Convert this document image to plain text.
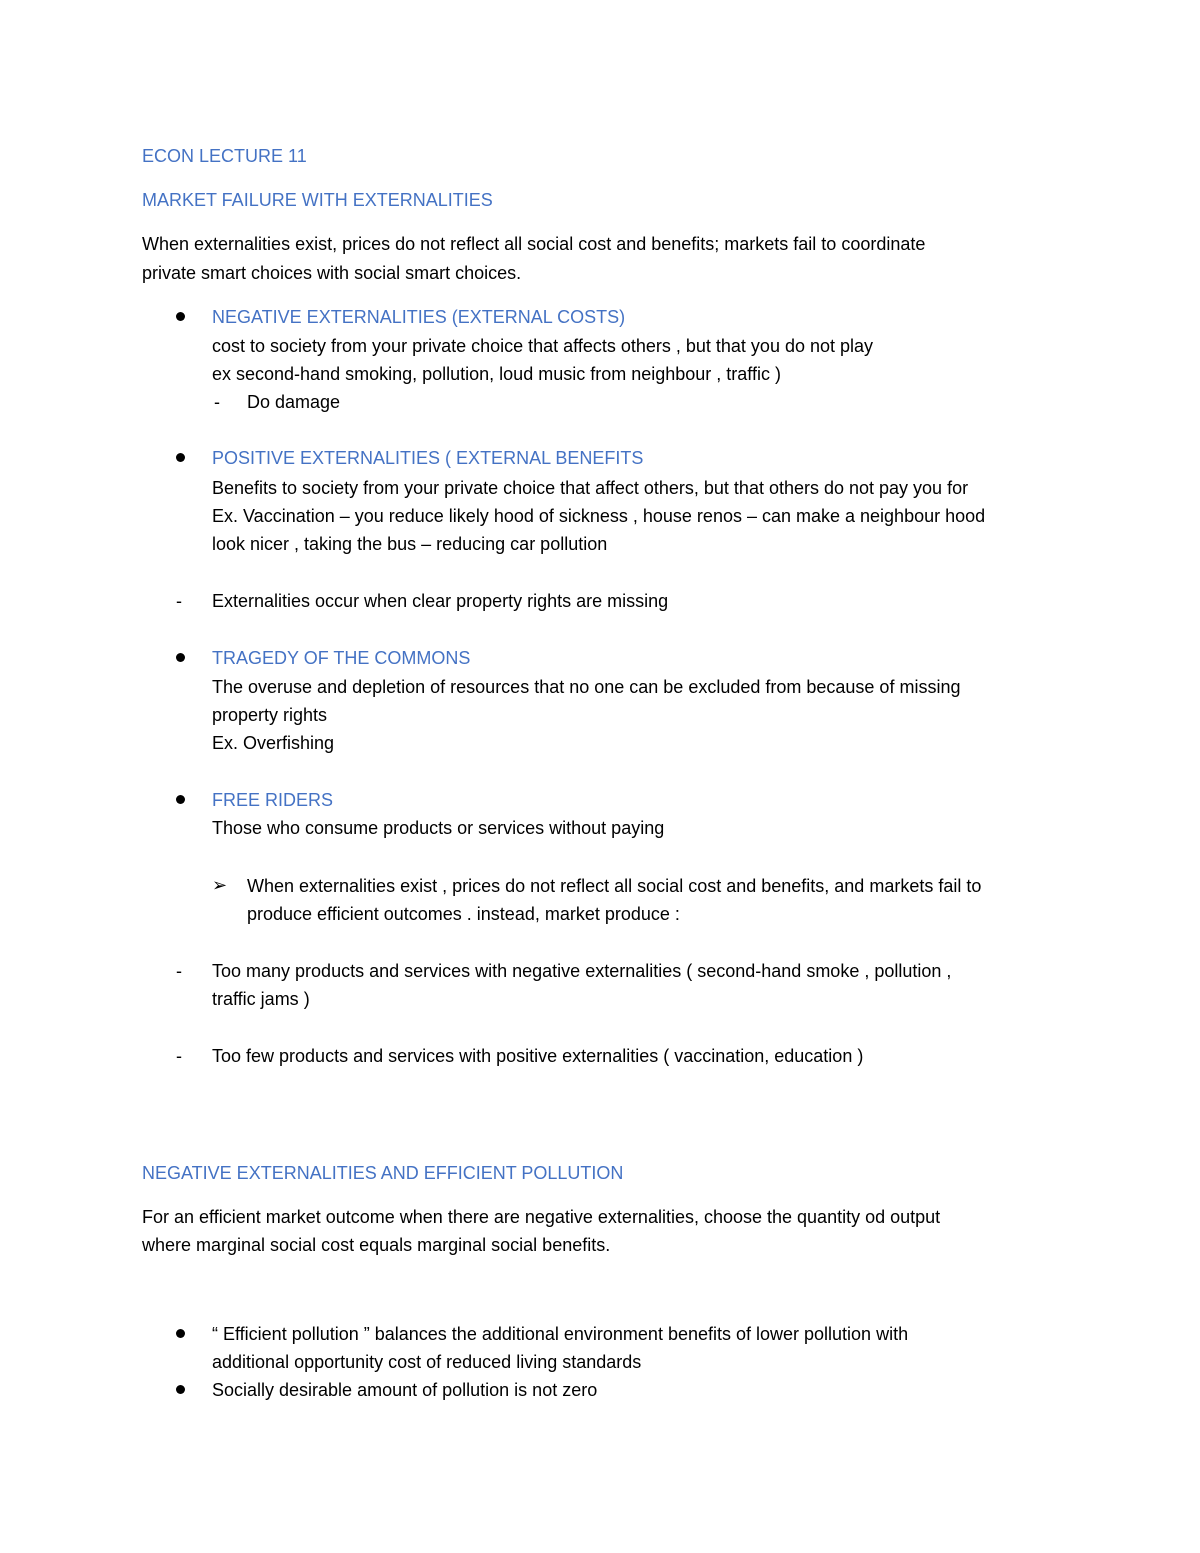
ECON LECTURE 11
MARKET FAILURE WITH EXTERNALITIES
When externalities exist, prices do not reflect all social cost and benefits; markets fail to coordinate
private smart choices with social smart choices.
NEGATIVE EXTERNALITIES (EXTERNAL COSTS)
cost to society from your private choice that affects others , but that you do not play
ex second-hand smoking, pollution, loud music from neighbour , traffic )
- Do damage
POSITIVE EXTERNALITIES ( EXTERNAL BENEFITS
Benefits to society from your private choice that affect others, but that others do not pay you for
Ex. Vaccination – you reduce likely hood of sickness , house renos – can make a neighbour hood
look nicer , taking the bus – reducing car pollution
- Externalities occur when clear property rights are missing
TRAGEDY OF THE COMMONS
The overuse and depletion of resources that no one can be excluded from because of missing
property rights
Ex. Overfishing
FREE RIDERS
Those who consume products or services without paying
➢ When externalities exist , prices do not reflect all social cost and benefits, and markets fail to
produce efficient outcomes . instead, market produce :
- Too many products and services with negative externalities ( second-hand smoke , pollution ,
traffic jams )
- Too few products and services with positive externalities ( vaccination, education )
NEGATIVE EXTERNALITIES AND EFFICIENT POLLUTION
For an efficient market outcome when there are negative externalities, choose the quantity od output
where marginal social cost equals marginal social benefits.
“ Efficient pollution ” balances the additional environment benefits of lower pollution with
additional opportunity cost of reduced living standards
Socially desirable amount of pollution is not zero
